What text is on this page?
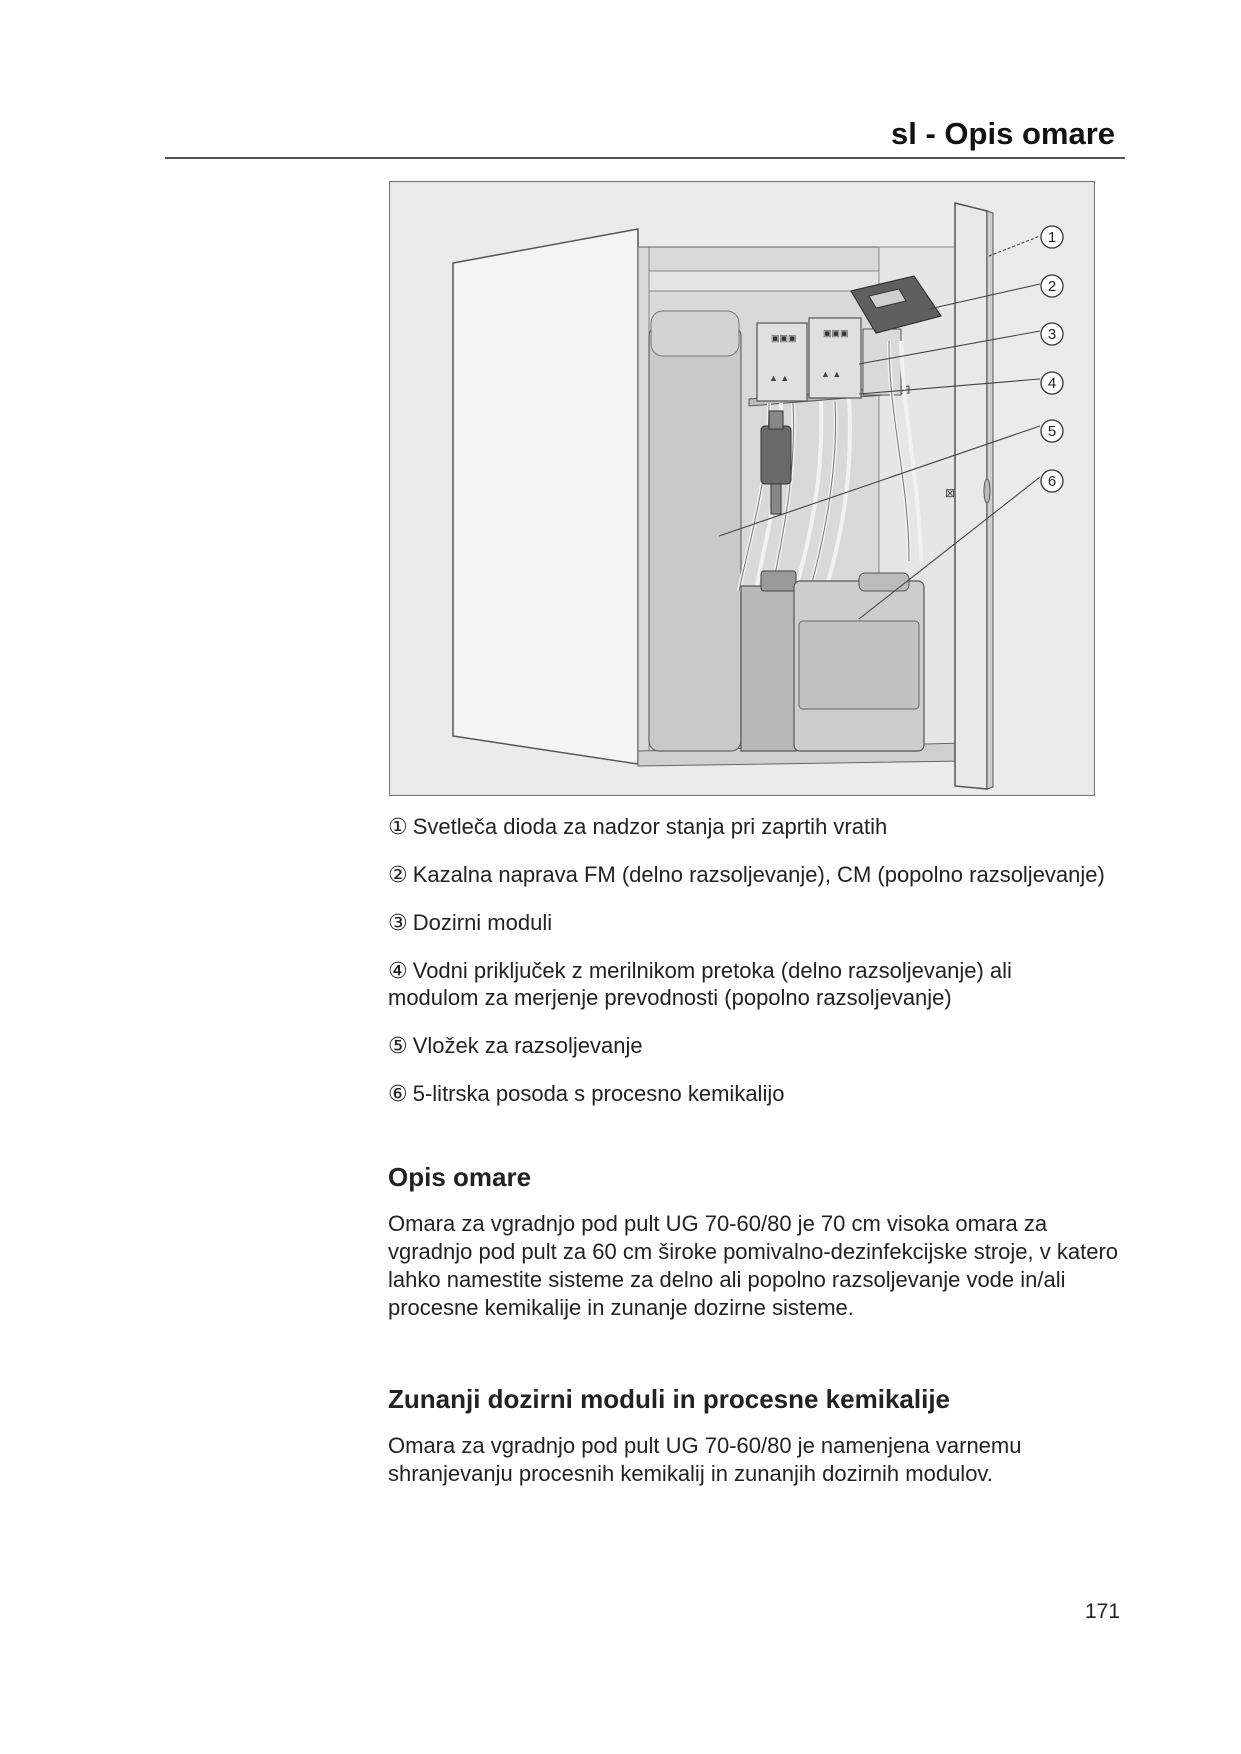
sl - Opis omare
▣▣▣	▣▣▣
▲ ▲	▲ ▲
⊠
1
2
3
4
5
6
① Svetleča dioda za nadzor stanja pri zaprtih vratih
② Kazalna naprava FM (delno razsoljevanje), CM (popolno razsoljevanje)
③ Dozirni moduli
④ Vodni priključek z merilnikom pretoka (delno razsoljevanje) ali modulom za merjenje prevodnosti (popolno razsoljevanje)
⑤ Vložek za razsoljevanje
⑥ 5-litrska posoda s procesno kemikalijo
Opis omare
Omara za vgradnjo pod pult UG 70-60/80 je 70 cm visoka omara za vgradnjo pod pult za 60 cm široke pomivalno-dezinfekcijske stroje, v katero lahko namestite sisteme za delno ali popolno razsoljevanje vode in/ali procesne kemikalije in zunanje dozirne sisteme.
Zunanji dozirni moduli in procesne kemikalije
Omara za vgradnjo pod pult UG 70-60/80 je namenjena varnemu shranjevanju procesnih kemikalij in zunanjih dozirnih modulov.
171
